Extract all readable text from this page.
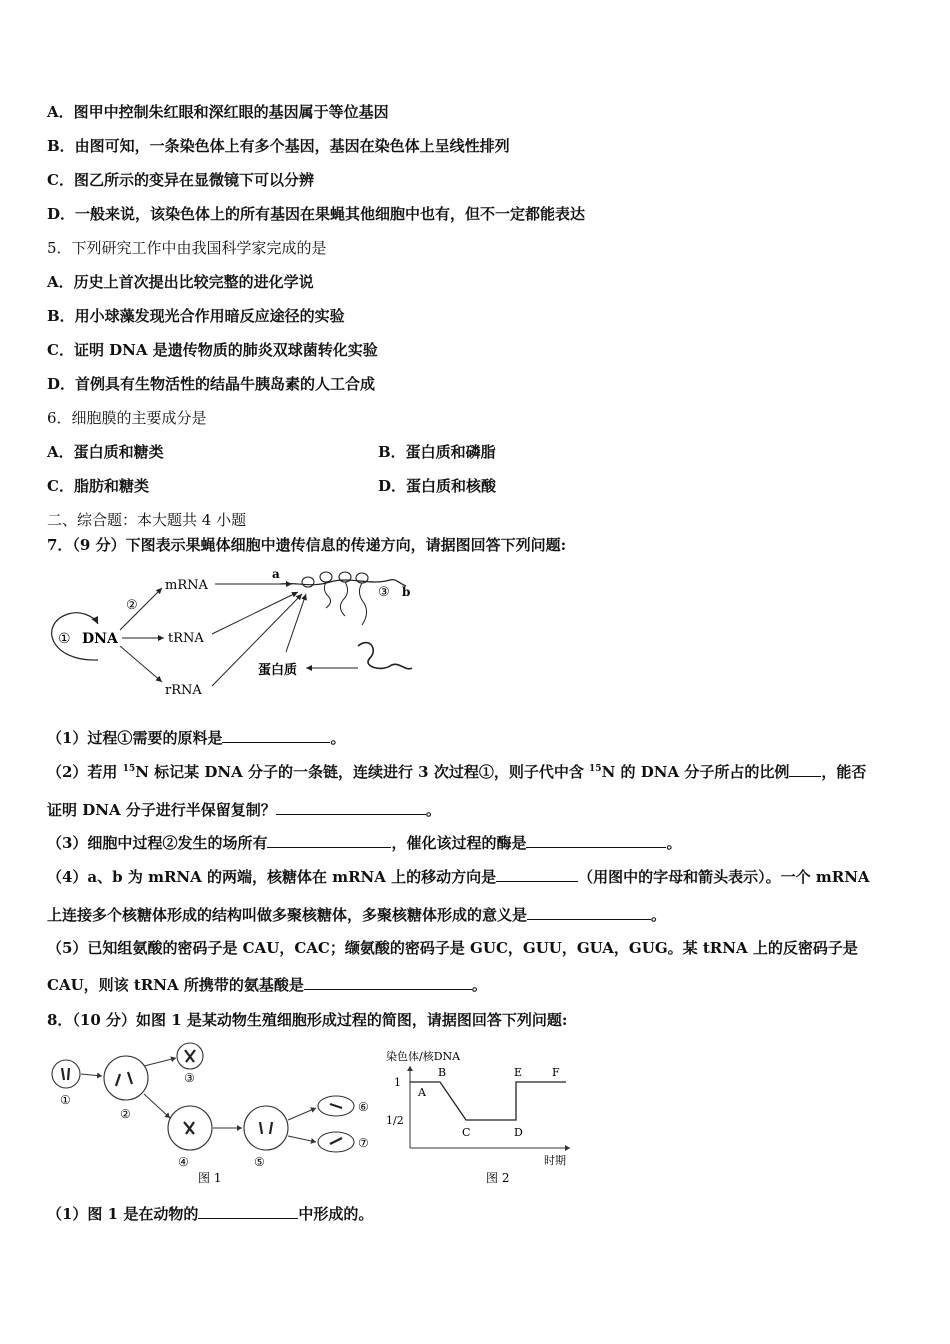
A．图甲中控制朱红眼和深红眼的基因属于等位基因
B．由图可知，一条染色体上有多个基因，基因在染色体上呈线性排列
C．图乙所示的变异在显微镜下可以分辨
D．一般来说，该染色体上的所有基因在果蝇其他细胞中也有，但不一定都能表达
5．下列研究工作中由我国科学家完成的是
A．历史上首次提出比较完整的进化学说
B．用小球藻发现光合作用暗反应途径的实验
C．证明 DNA 是遗传物质的肺炎双球菌转化实验
D．首例具有生物活性的结晶牛胰岛素的人工合成
6．细胞膜的主要成分是
A．蛋白质和糖类	B．蛋白质和磷脂
C．脂肪和糖类	D．蛋白质和核酸
二、综合题：本大题共 4 小题
7．（9 分）下图表示果蝇体细胞中遗传信息的传递方向，请据图回答下列问题:
① DNA
②
mRNA
tRNA
rRNA
a
③ b
蛋白质
（1）过程①需要的原料是	。
（2）若用 $^{15}$N 标记某 DNA 分子的一条链，连续进行 3 次过程①，则子代中含 $^{15}$N 的 DNA 分子所占的比例 ，能否
证明 DNA 分子进行半保留复制？	。
（3）细胞中过程②发生的场所有	，催化该过程的酶是	。
（4）a、b 为 mRNA 的两端，核糖体在 mRNA 上的移动方向是	（用图中的字母和箭头表示）。一个 mRNA
上连接多个核糖体形成的结构叫做多聚核糖体，多聚核糖体形成的意义是	。
（5）已知组氨酸的密码子是 CAU，CAC；缬氨酸的密码子是 GUC，GUU，GUA，GUG。某 tRNA 上的反密码子是
CAU，则该 tRNA 所携带的氨基酸是	。
8．（10 分）如图 1 是某动物生殖细胞形成过程的简图，请据图回答下列问题:
①
②
③
④	⑤
⑥
⑦
图 1
染色体/核DNA
1
1/2
A
B
C	D
E	F
时期
图 2
（1）图 1 是在动物的	中形成的。
